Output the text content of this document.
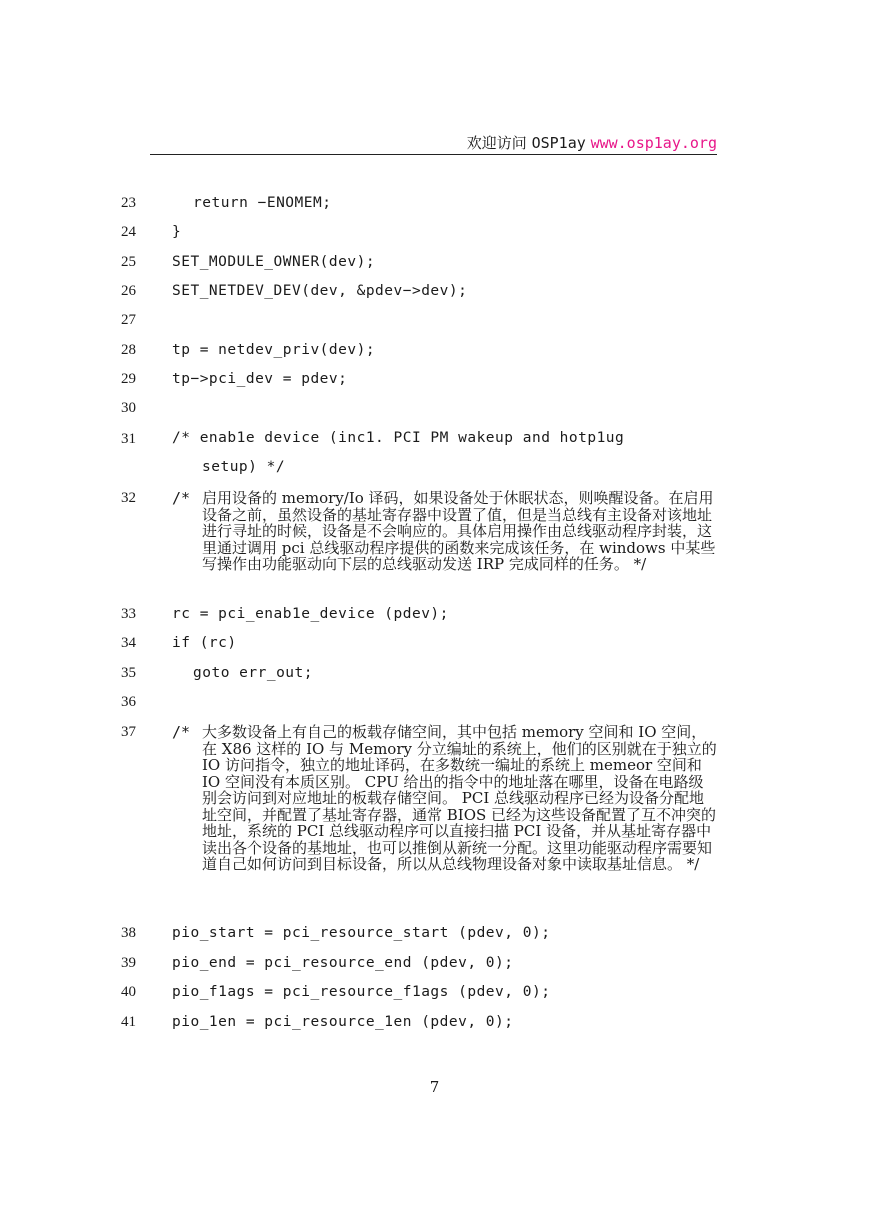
欢迎访问 OSP1ay www.osp1ay.org
23	return −ENOMEM;
24 }
25 SET_MODULE_OWNER(dev);
26 SET_NETDEV_DEV(dev, &pdev−>dev);
27
28 tp = netdev_priv(dev);
29 tp−>pci_dev = pdev;
30
31 /* enab1e device (inc1. PCI PM wakeup and hotp1ug
setup) */
32 /* 启用设备的 memory/Io 译码，如果设备处于休眠状态，则唤醒设备。在启用设备之前，虽然设备的基址寄存器中设置了值，但是当总线有主设备对该地址进行寻址的时候，设备是不会响应的。具体启用操作由总线驱动程序封装，这里通过调用 pci 总线驱动程序提供的函数来完成该任务，在 windows 中某些写操作由功能驱动向下层的总线驱动发送 IRP 完成同样的任务。 */
33 rc = pci_enab1e_device (pdev);
34 if (rc)
35	goto err_out;
36
37 /* 大多数设备上有自己的板载存储空间，其中包括 memory 空间和 IO 空间，在 X86 这样的 IO 与 Memory 分立编址的系统上，他们的区别就在于独立的 IO 访问指令，独立的地址译码，在多数统一编址的系统上 memeor 空间和 IO 空间没有本质区别。 CPU 给出的指令中的地址落在哪里，设备在电路级别会访问到对应地址的板载存储空间。 PCI 总线驱动程序已经为设备分配地址空间，并配置了基址寄存器，通常 BIOS 已经为这些设备配置了互不冲突的地址，系统的 PCI 总线驱动程序可以直接扫描 PCI 设备，并从基址寄存器中读出各个设备的基地址，也可以推倒从新统一分配。这里功能驱动程序需要知道自己如何访问到目标设备，所以从总线物理设备对象中读取基址信息。 */
38 pio_start = pci_resource_start (pdev, 0);
39 pio_end = pci_resource_end (pdev, 0);
40 pio_f1ags = pci_resource_f1ags (pdev, 0);
41 pio_1en = pci_resource_1en (pdev, 0);
7
